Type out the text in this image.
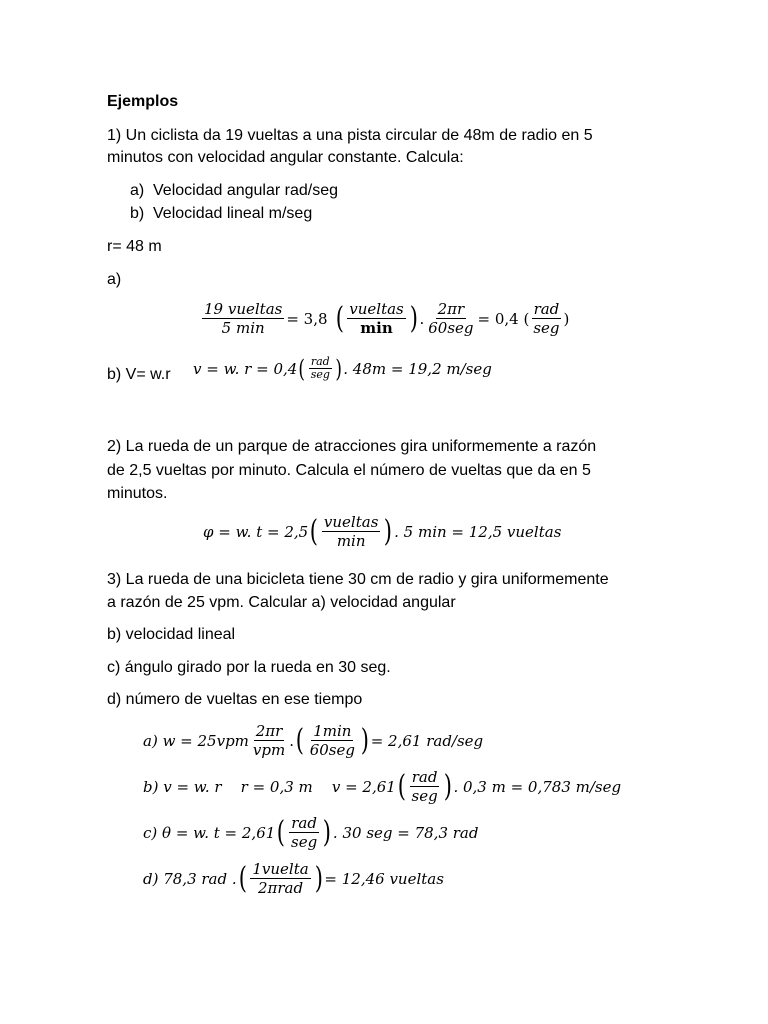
Ejemplos
1) Un ciclista da 19 vueltas a una pista circular de 48m de radio en 5
minutos con velocidad angular constante. Calcula:
a) Velocidad angular rad/seg
b) Velocidad lineal m/seg
r= 48 m
a)
$\frac{\text{19 vueltas}}{5 \min} = 3,8$ ( $\frac{\text{vueltas}}{\min}$ ) . $\frac{2\pi r}{\text{60seg}} = 0,4$ ( $\frac{\text{rad}}{\text{seg}}$ )
b) V= w.r v = w. r = 0,4 ( $\frac{\text{rad}}{\text{seg}}$ ) . 48m = 19,2 m/seg
2) La rueda de un parque de atracciones gira uniformemente a razón
de 2,5 vueltas por minuto. Calcula el número de vueltas que da en 5
minutos.
φ = w. t = 2,5 ( $\frac{\text{vueltas}}{\min}$ ) . 5 min = 12,5 vueltas
3) La rueda de una bicicleta tiene 30 cm de radio y gira uniformemente
a razón de 25 vpm. Calcular a) velocidad angular
b) velocidad lineal
c) ángulo girado por la rueda en 30 seg.
d) número de vueltas en ese tiempo
a) $w = 25vpm \frac{2\pi r}{\text{vpm}}$ . ( $\frac{1\min}{\text{60seg}}$ ) = 2,61 rad/seg
b) v = w. r    r = 0,3 m    v = 2,61 ( $\frac{\text{rad}}{\text{seg}}$ ) . 0,3 m = 0,783 m/seg
c) θ = w. t = 2,61 ( $\frac{\text{rad}}{\text{seg}}$ ) . 30 seg = 78,3 rad
d) 78,3 rad . ( $\frac{\text{1vuelta}}{\text{2πrad}}$ ) = 12,46 vueltas
